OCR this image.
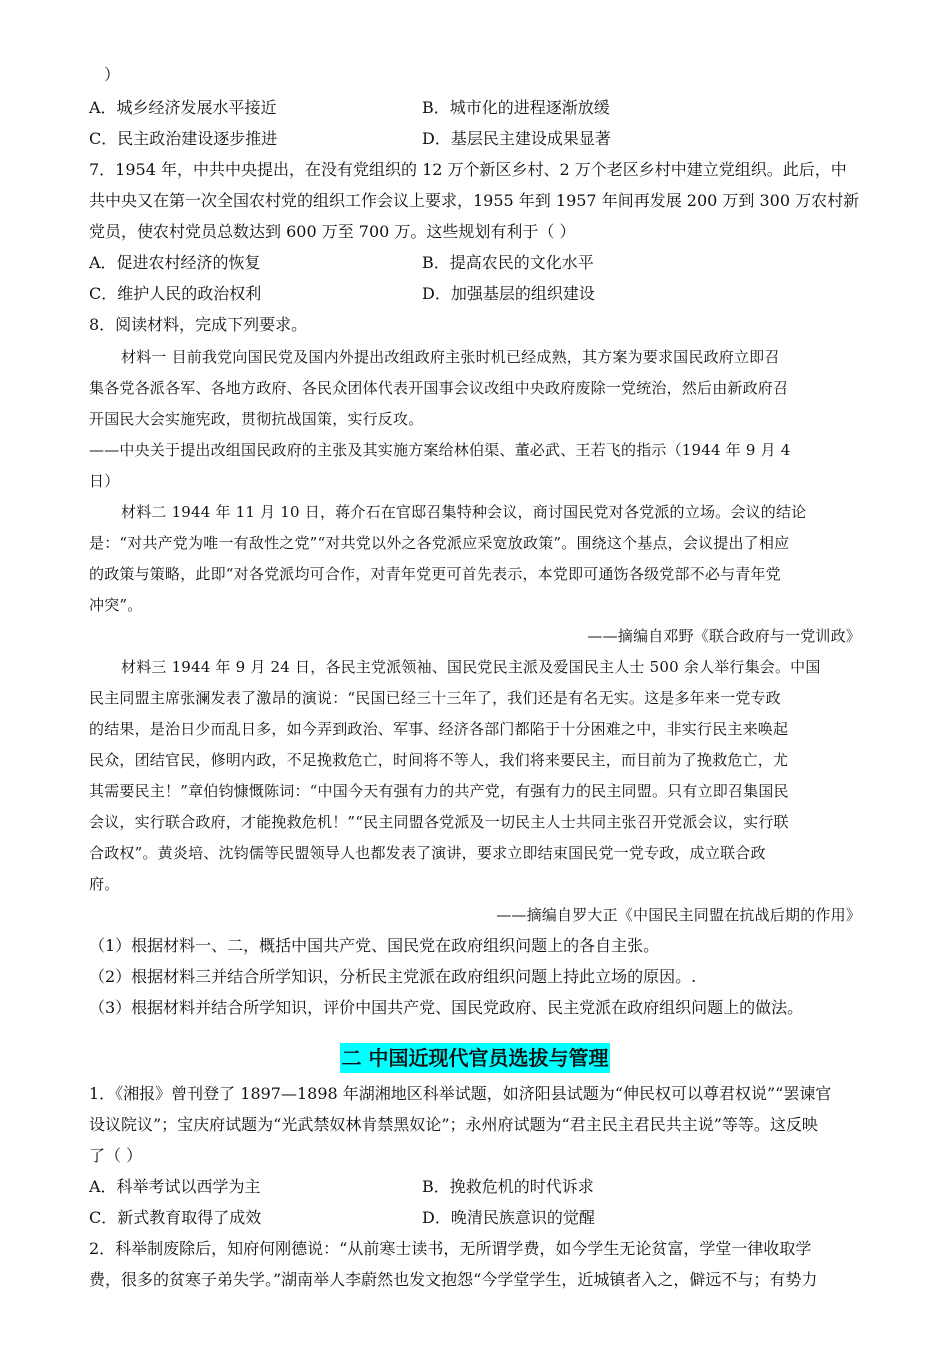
）
A．城乡经济发展水平接近	B．城市化的进程逐渐放缓
C．民主政治建设逐步推进	D．基层民主建设成果显著
7．1954 年，中共中央提出，在没有党组织的 12 万个新区乡村、2 万个老区乡村中建立党组织。此后，中
共中央又在第一次全国农村党的组织工作会议上要求，1955 年到 1957 年间再发展 200 万到 300 万农村新
党员，使农村党员总数达到 600 万至 700 万。这些规划有利于（ ）
A．促进农村经济的恢复	B．提高农民的文化水平
C．维护人民的政治权利	D．加强基层的组织建设
8．阅读材料，完成下列要求。
材料一 目前我党向国民党及国内外提出改组政府主张时机已经成熟，其方案为要求国民政府立即召
集各党各派各军、各地方政府、各民众团体代表开国事会议改组中央政府废除一党统治，然后由新政府召
开国民大会实施宪政，贯彻抗战国策，实行反攻。
——中央关于提出改组国民政府的主张及其实施方案给林伯渠、董必武、王若飞的指示（1944 年 9 月 4
日）
材料二 1944 年 11 月 10 日，蒋介石在官邸召集特种会议，商讨国民党对各党派的立场。会议的结论
是：“对共产党为唯一有敌性之党”“对共党以外之各党派应采宽放政策”。围绕这个基点，会议提出了相应
的政策与策略，此即“对各党派均可合作，对青年党更可首先表示，本党即可通饬各级党部不必与青年党
冲突”。
——摘编自邓野《联合政府与一党训政》
材料三 1944 年 9 月 24 日，各民主党派领袖、国民党民主派及爱国民主人士 500 余人举行集会。中国
民主同盟主席张澜发表了激昂的演说：“民国已经三十三年了，我们还是有名无实。这是多年来一党专政
的结果，是治日少而乱日多，如今弄到政治、军事、经济各部门都陷于十分困难之中，非实行民主来唤起
民众，团结官民，修明内政，不足挽救危亡，时间将不等人，我们将来要民主，而目前为了挽救危亡，尤
其需要民主！”章伯钧慷慨陈词：“中国今天有强有力的共产党，有强有力的民主同盟。只有立即召集国民
会议，实行联合政府，才能挽救危机！”“民主同盟各党派及一切民主人士共同主张召开党派会议，实行联
合政权”。黄炎培、沈钧儒等民盟领导人也都发表了演讲，要求立即结束国民党一党专政，成立联合政
府。
——摘编自罗大正《中国民主同盟在抗战后期的作用》
（1）根据材料一、二，概括中国共产党、国民党在政府组织问题上的各自主张。
（2）根据材料三并结合所学知识，分析民主党派在政府组织问题上持此立场的原因。.
（3）根据材料并结合所学知识，评价中国共产党、国民党政府、民主党派在政府组织问题上的做法。
二 中国近现代官员选拔与管理
1．《湘报》曾刊登了 1897—1898 年湖湘地区科举试题，如济阳县试题为“伸民权可以尊君权说”“罢谏官
设议院议”；宝庆府试题为“光武禁奴林肯禁黑奴论”；永州府试题为“君主民主君民共主说”等等。这反映
了（ ）
A．科举考试以西学为主	B．挽救危机的时代诉求
C．新式教育取得了成效	D．晚清民族意识的觉醒
2．科举制废除后，知府何刚德说：“从前寒士读书，无所谓学费，如今学生无论贫富，学堂一律收取学
费，很多的贫寒子弟失学。”湖南举人李蔚然也发文抱怨“今学堂学生，近城镇者入之，僻远不与；有势力
